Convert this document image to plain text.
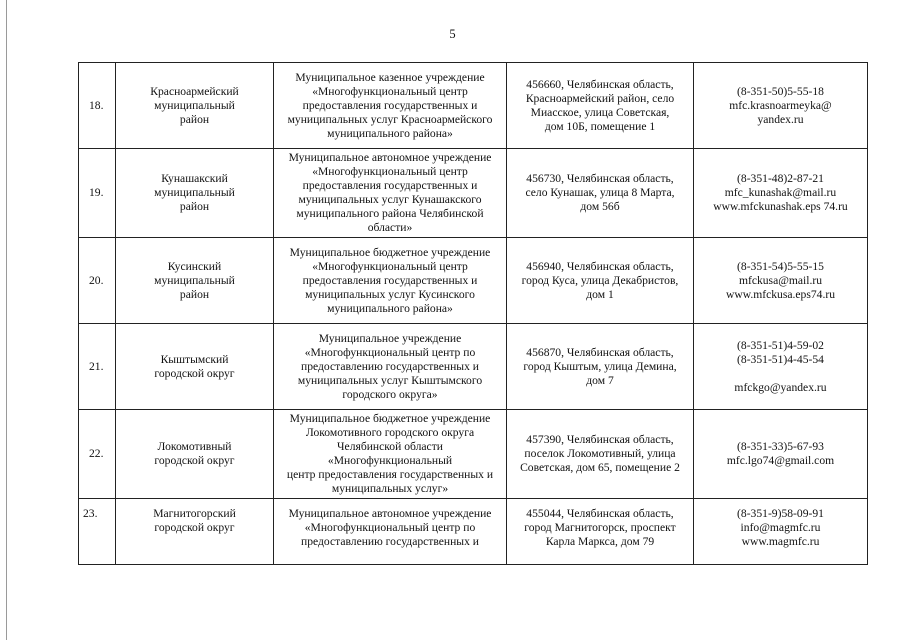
5
18.	Красноармейский
муниципальный
район	Муниципальное казенное учреждение
«Многофункциональный центр
предоставления государственных и
муниципальных услуг Красноармейского
муниципального района»	456660, Челябинская область,
Красноармейский район, село
Миасское, улица Советская,
дом 10Б, помещение 1	(8-351-50)5-55-18
mfc.krasnoarmeyka@
yandex.ru

19.	Кунашакский
муниципальный
район	Муниципальное автономное учреждение
«Многофункциональный центр
предоставления государственных и
муниципальных услуг Кунашакского
муниципального района Челябинской области»	456730, Челябинская область,
село Кунашак, улица 8 Марта,
дом 56б	(8-351-48)2-87-21
mfc_kunashak@mail.ru
www.mfckunashak.eps 74.ru

20.	Кусинский
муниципальный
район	Муниципальное бюджетное учреждение
«Многофункциональный центр
предоставления государственных и
муниципальных услуг Кусинского
муниципального района»	456940, Челябинская область,
город Куса, улица Декабристов,
дом 1	(8-351-54)5-55-15
mfckusa@mail.ru
www.mfckusa.eps74.ru

21.	Кыштымский
городской округ	Муниципальное учреждение
«Многофункциональный центр по
предоставлению государственных и
муниципальных услуг Кыштымского
городского округа»	456870, Челябинская область,
город Кыштым, улица Демина,
дом 7	(8-351-51)4-59-02
(8-351-51)4-45-54

mfckgo@yandex.ru

22.	Локомотивный
городской округ	Муниципальное бюджетное учреждение
Локомотивного городского округа
Челябинской области «Многофункциональный
центр предоставления государственных и
муниципальных услуг»	457390, Челябинская область,
поселок Локомотивный, улица
Советская, дом 65, помещение 2	(8-351-33)5-67-93
mfc.lgo74@gmail.com

23.	Магнитогорский
городской округ	Муниципальное автономное учреждение
«Многофункциональный центр по
предоставлению государственных и	455044, Челябинская область,
город Магнитогорск, проспект
Карла Маркса, дом 79	(8-351-9)58-09-91
info@magmfc.ru
www.magmfc.ru
